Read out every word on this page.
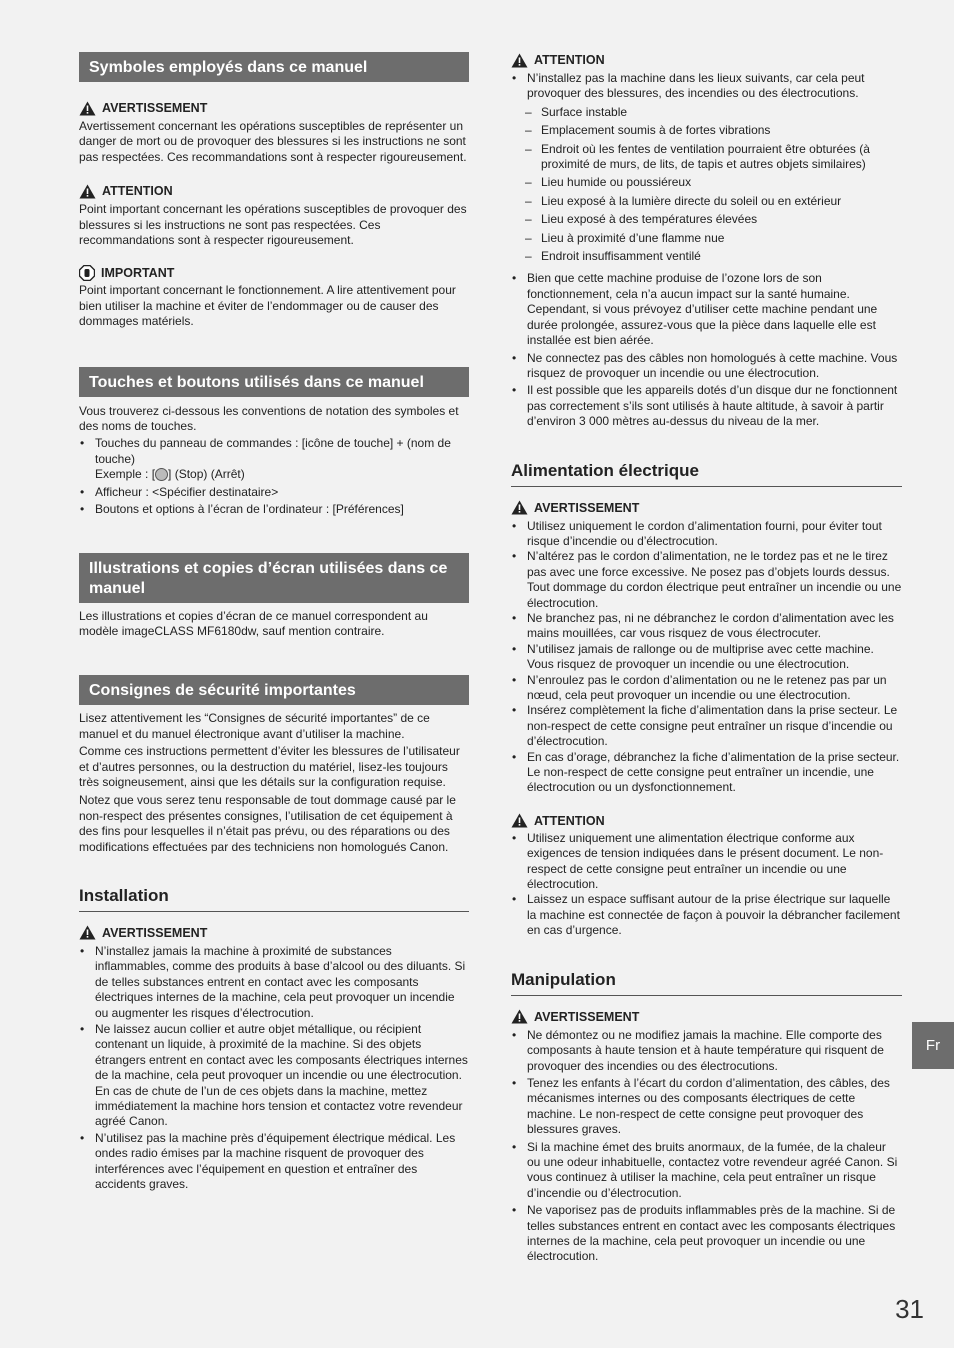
Symboles employés dans ce manuel
AVERTISSEMENT

Avertissement concernant les opérations susceptibles de représenter un danger de mort ou de provoquer des blessures si les instructions ne sont pas respectées. Ces recommandations sont à respecter rigoureusement.

ATTENTION

Point important concernant les opérations susceptibles de provoquer des blessures si les instructions ne sont pas respectées. Ces recommandations sont à respecter rigoureusement.

IMPORTANT

Point important concernant le fonctionnement. A lire attentivement pour bien utiliser la machine et éviter de l’endommager ou de causer des dommages matériels.

Touches et boutons utilisés dans ce manuel

Vous trouverez ci-dessous les conventions de notation des symboles et des noms de touches.

• Touches du panneau de commandes : [icône de touche] + (nom de touche)
Exemple : [ ] (Stop) (Arrêt)
• Afficheur : <Spécifier destinataire>
• Boutons et options à l’écran de l’ordinateur : [Préférences]
Illustrations et copies d’écran utilisées dans ce manuel

Les illustrations et copies d’écran de ce manuel correspondent au modèle imageCLASS MF6180dw, sauf mention contraire.

Consignes de sécurité importantes

Lisez attentivement les “Consignes de sécurité importantes” de ce manuel et du manuel électronique avant d’utiliser la machine.

Comme ces instructions permettent d’éviter les blessures de l’utilisateur et d’autres personnes, ou la destruction du matériel, lisez-les toujours très soigneusement, ainsi que les détails sur la configuration requise.

Notez que vous serez tenu responsable de tout dommage causé par le non-respect des présentes consignes, l’utilisation de cet équipement à des fins pour lesquelles il n’était pas prévu, ou des réparations ou des modifications effectuées par des techniciens non homologués Canon.

Installation
AVERTISSEMENT
• N’installez jamais la machine à proximité de substances inflammables, comme des produits à base d’alcool ou des diluants. Si de telles substances entrent en contact avec les composants électriques internes de la machine, cela peut provoquer un incendie ou augmenter les risques d’électrocution.
• Ne laissez aucun collier et autre objet métallique, ou récipient contenant un liquide, à proximité de la machine. Si des objets étrangers entrent en contact avec les composants électriques internes de la machine, cela peut provoquer un incendie ou une électrocution.
En cas de chute de l’un de ces objets dans la machine, mettez immédiatement la machine hors tension et contactez votre revendeur agréé Canon.
• N’utilisez pas la machine près d’équipement électrique médical. Les ondes radio émises par la machine risquent de provoquer des interférences avec l’équipement en question et entraîner des accidents graves.
ATTENTION
• N’installez pas la machine dans les lieux suivants, car cela peut provoquer des blessures, des incendies ou des électrocutions.
– Surface instable
– Emplacement soumis à de fortes vibrations
– Endroit où les fentes de ventilation pourraient être obturées (à proximité de murs, de lits, de tapis et autres objets similaires)
– Lieu humide ou poussiéreux
– Lieu exposé à la lumière directe du soleil ou en extérieur
– Lieu exposé à des températures élevées
– Lieu à proximité d’une flamme nue
– Endroit insuffisamment ventilé
• Bien que cette machine produise de l’ozone lors de son fonctionnement, cela n’a aucun impact sur la santé humaine. Cependant, si vous prévoyez d’utiliser cette machine pendant une durée prolongée, assurez-vous que la pièce dans laquelle elle est installée est bien aérée.
• Ne connectez pas des câbles non homologués à cette machine. Vous risquez de provoquer un incendie ou une électrocution.
• Il est possible que les appareils dotés d’un disque dur ne fonctionnent pas correctement s’ils sont utilisés à haute altitude, à savoir à partir d’environ 3 000 mètres au-dessus du niveau de la mer.
Alimentation électrique
AVERTISSEMENT
• Utilisez uniquement le cordon d’alimentation fourni, pour éviter tout risque d’incendie ou d’électrocution.
• N’altérez pas le cordon d’alimentation, ne le tordez pas et ne le tirez pas avec une force excessive. Ne posez pas d’objets lourds dessus. Tout dommage du cordon électrique peut entraîner un incendie ou une électrocution.
• Ne branchez pas, ni ne débranchez le cordon d’alimentation avec les mains mouillées, car vous risquez de vous électrocuter.
• N’utilisez jamais de rallonge ou de multiprise avec cette machine. Vous risquez de provoquer un incendie ou une électrocution.
• N’enroulez pas le cordon d’alimentation ou ne le retenez pas par un nœud, cela peut provoquer un incendie ou une électrocution.
• Insérez complètement la fiche d’alimentation dans la prise secteur. Le non-respect de cette consigne peut entraîner un risque d’incendie ou d’électrocution.
• En cas d’orage, débranchez la fiche d’alimentation de la prise secteur. Le non-respect de cette consigne peut entraîner un incendie, une électrocution ou un dysfonctionnement.
ATTENTION
• Utilisez uniquement une alimentation électrique conforme aux exigences de tension indiquées dans le présent document. Le non-respect de cette consigne peut entraîner un incendie ou une électrocution.
• Laissez un espace suffisant autour de la prise électrique sur laquelle la machine est connectée de façon à pouvoir la débrancher facilement en cas d’urgence.
Manipulation
AVERTISSEMENT
• Ne démontez ou ne modifiez jamais la machine. Elle comporte des composants à haute tension et à haute température qui risquent de provoquer des incendies ou des électrocutions.
• Tenez les enfants à l’écart du cordon d’alimentation, des câbles, des mécanismes internes ou des composants électriques de cette machine. Le non-respect de cette consigne peut provoquer des blessures graves.
• Si la machine émet des bruits anormaux, de la fumée, de la chaleur ou une odeur inhabituelle, contactez votre revendeur agréé Canon. Si vous continuez à utiliser la machine, cela peut entraîner un risque d’incendie ou d’électrocution.
• Ne vaporisez pas de produits inflammables près de la machine. Si de telles substances entrent en contact avec les composants électriques internes de la machine, cela peut provoquer un incendie ou une électrocution.
Fr
31
